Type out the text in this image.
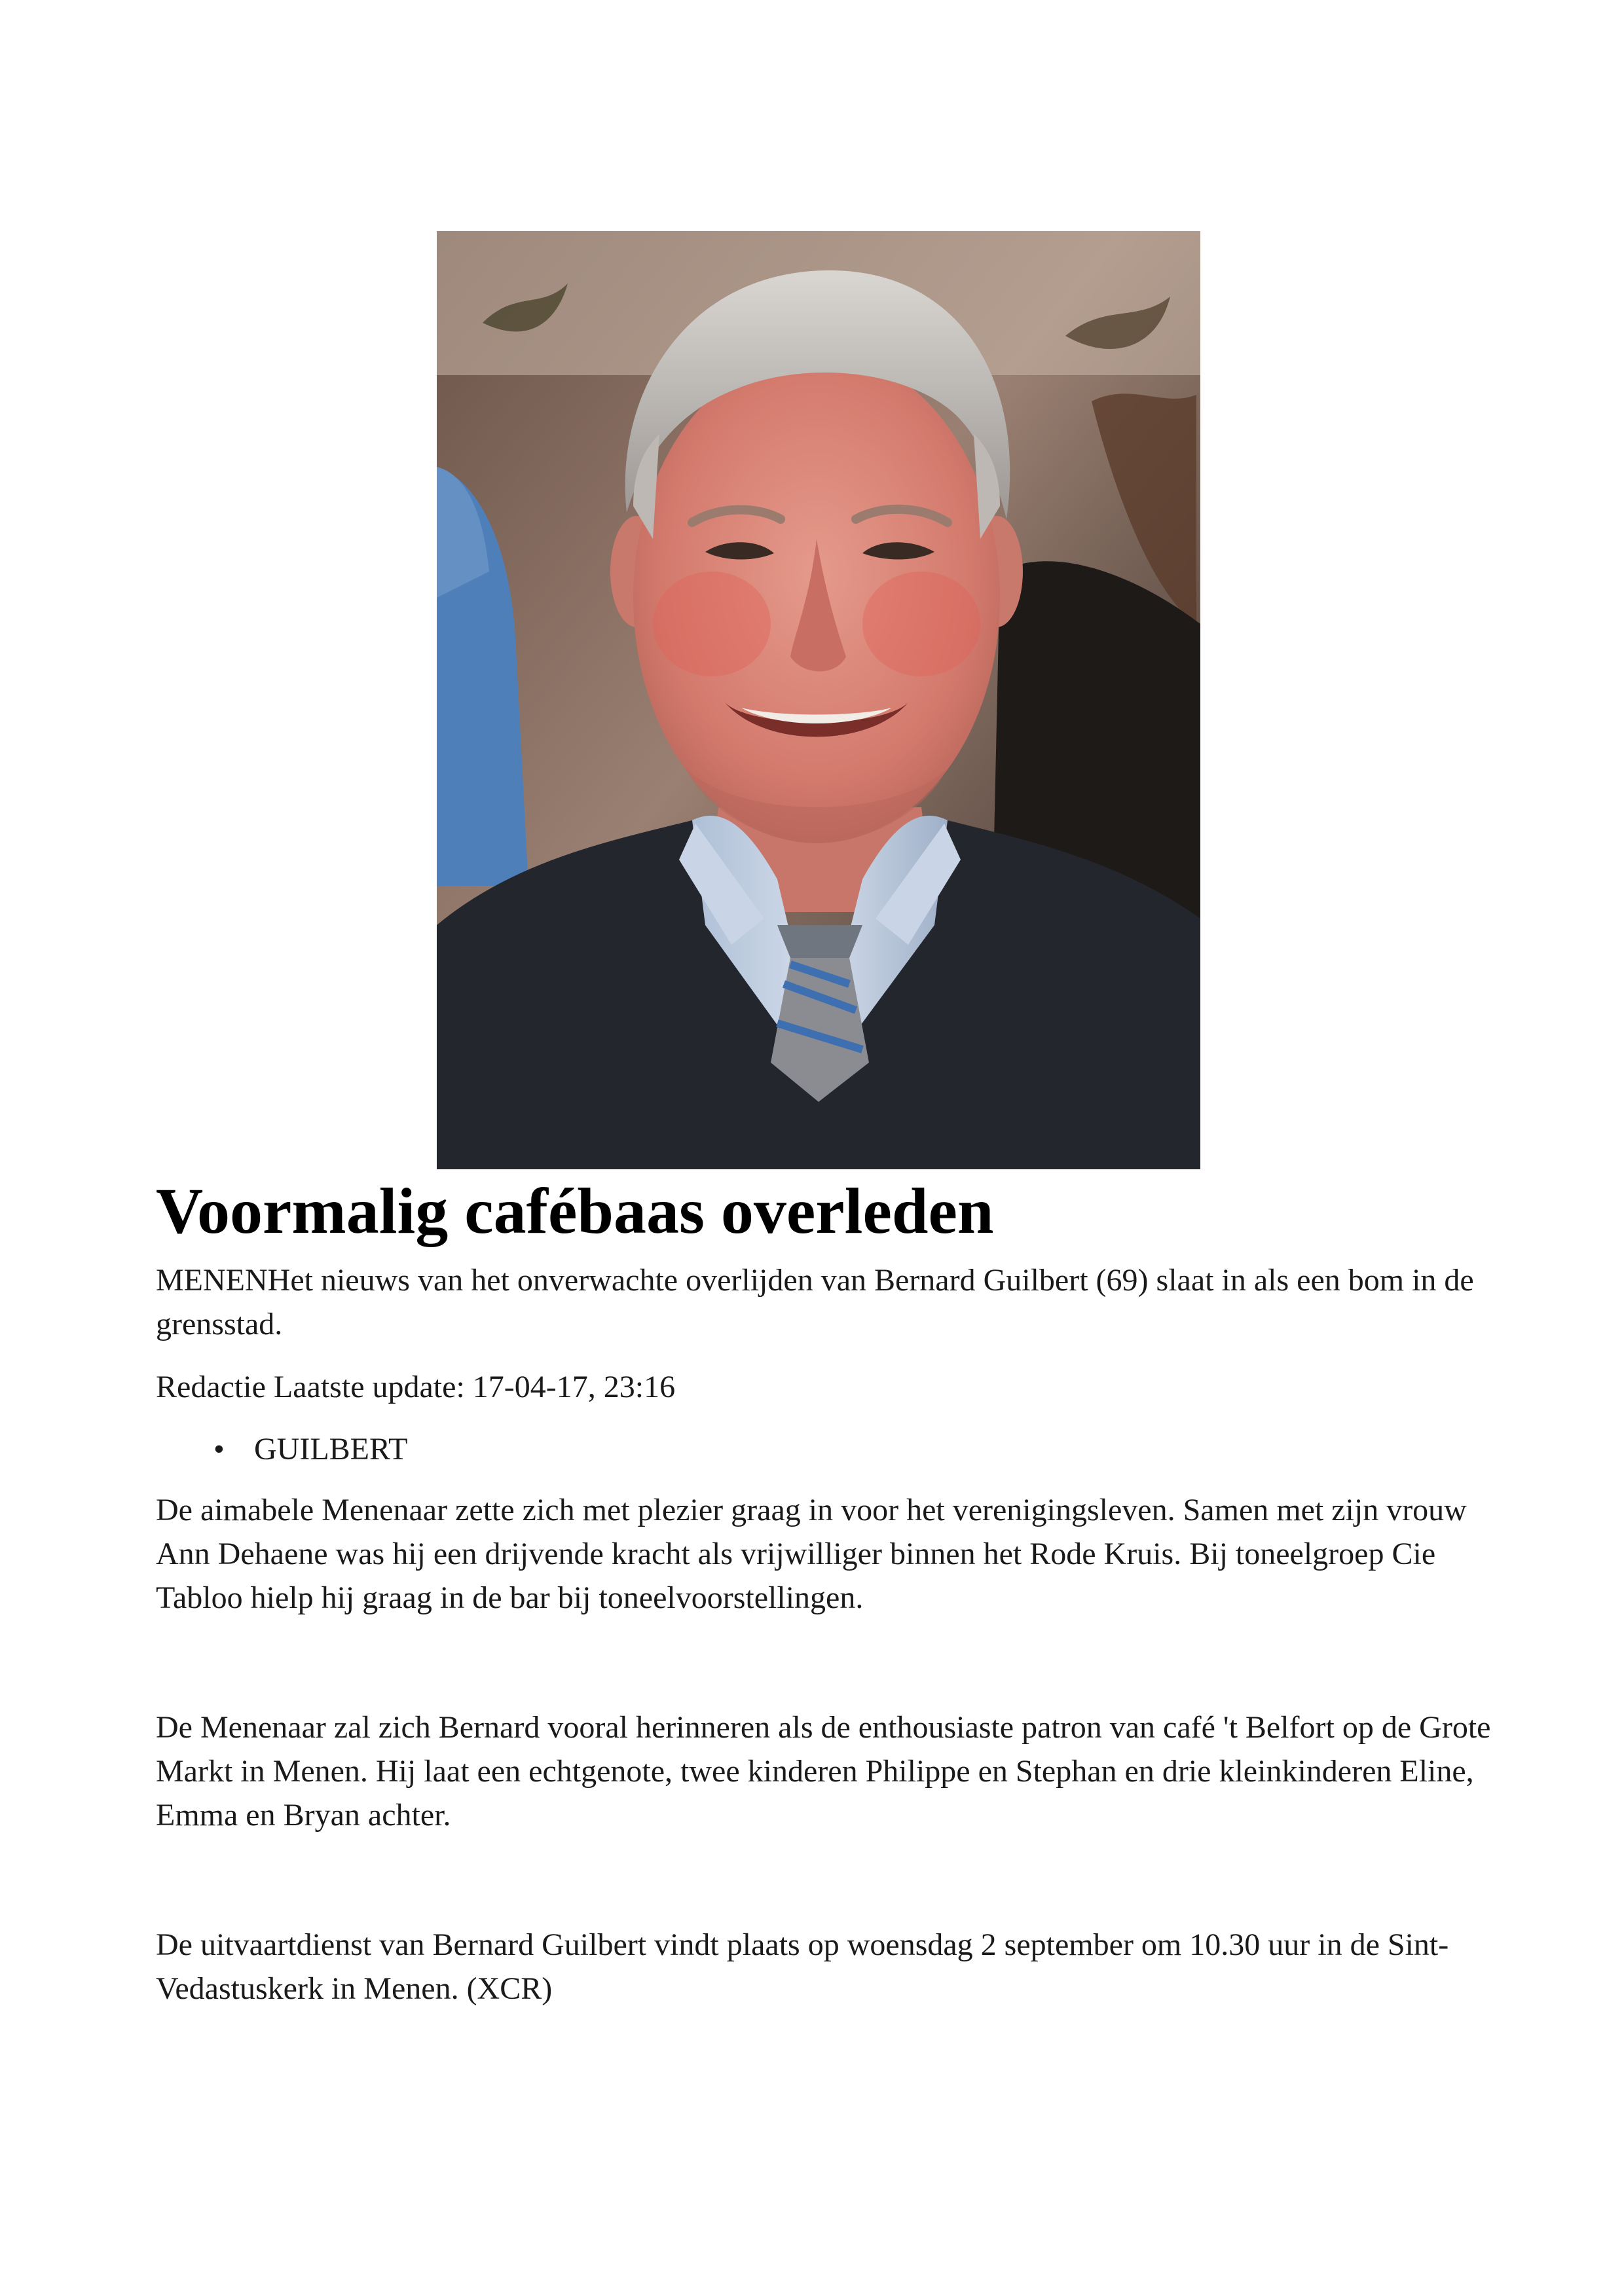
Voormalig cafébaas overleden

MENENHet nieuws van het onverwachte overlijden van Bernard Guilbert (69) slaat in als een bom in de grensstad.

Redactie Laatste update: 17-04-17, 23:16

• GUILBERT

De aimabele Menenaar zette zich met plezier graag in voor het verenigingsleven. Samen met zijn vrouw Ann Dehaene was hij een drijvende kracht als vrijwilliger binnen het Rode Kruis. Bij toneelgroep Cie Tabloo hielp hij graag in de bar bij toneelvoorstellingen.

De Menenaar zal zich Bernard vooral herinneren als de enthousiaste patron van café 't Belfort op de Grote Markt in Menen. Hij laat een echtgenote, twee kinderen Philippe en Stephan en drie kleinkinderen Eline, Emma en Bryan achter.

De uitvaartdienst van Bernard Guilbert vindt plaats op woensdag 2 september om 10.30 uur in de Sint-Vedastuskerk in Menen. (XCR)
